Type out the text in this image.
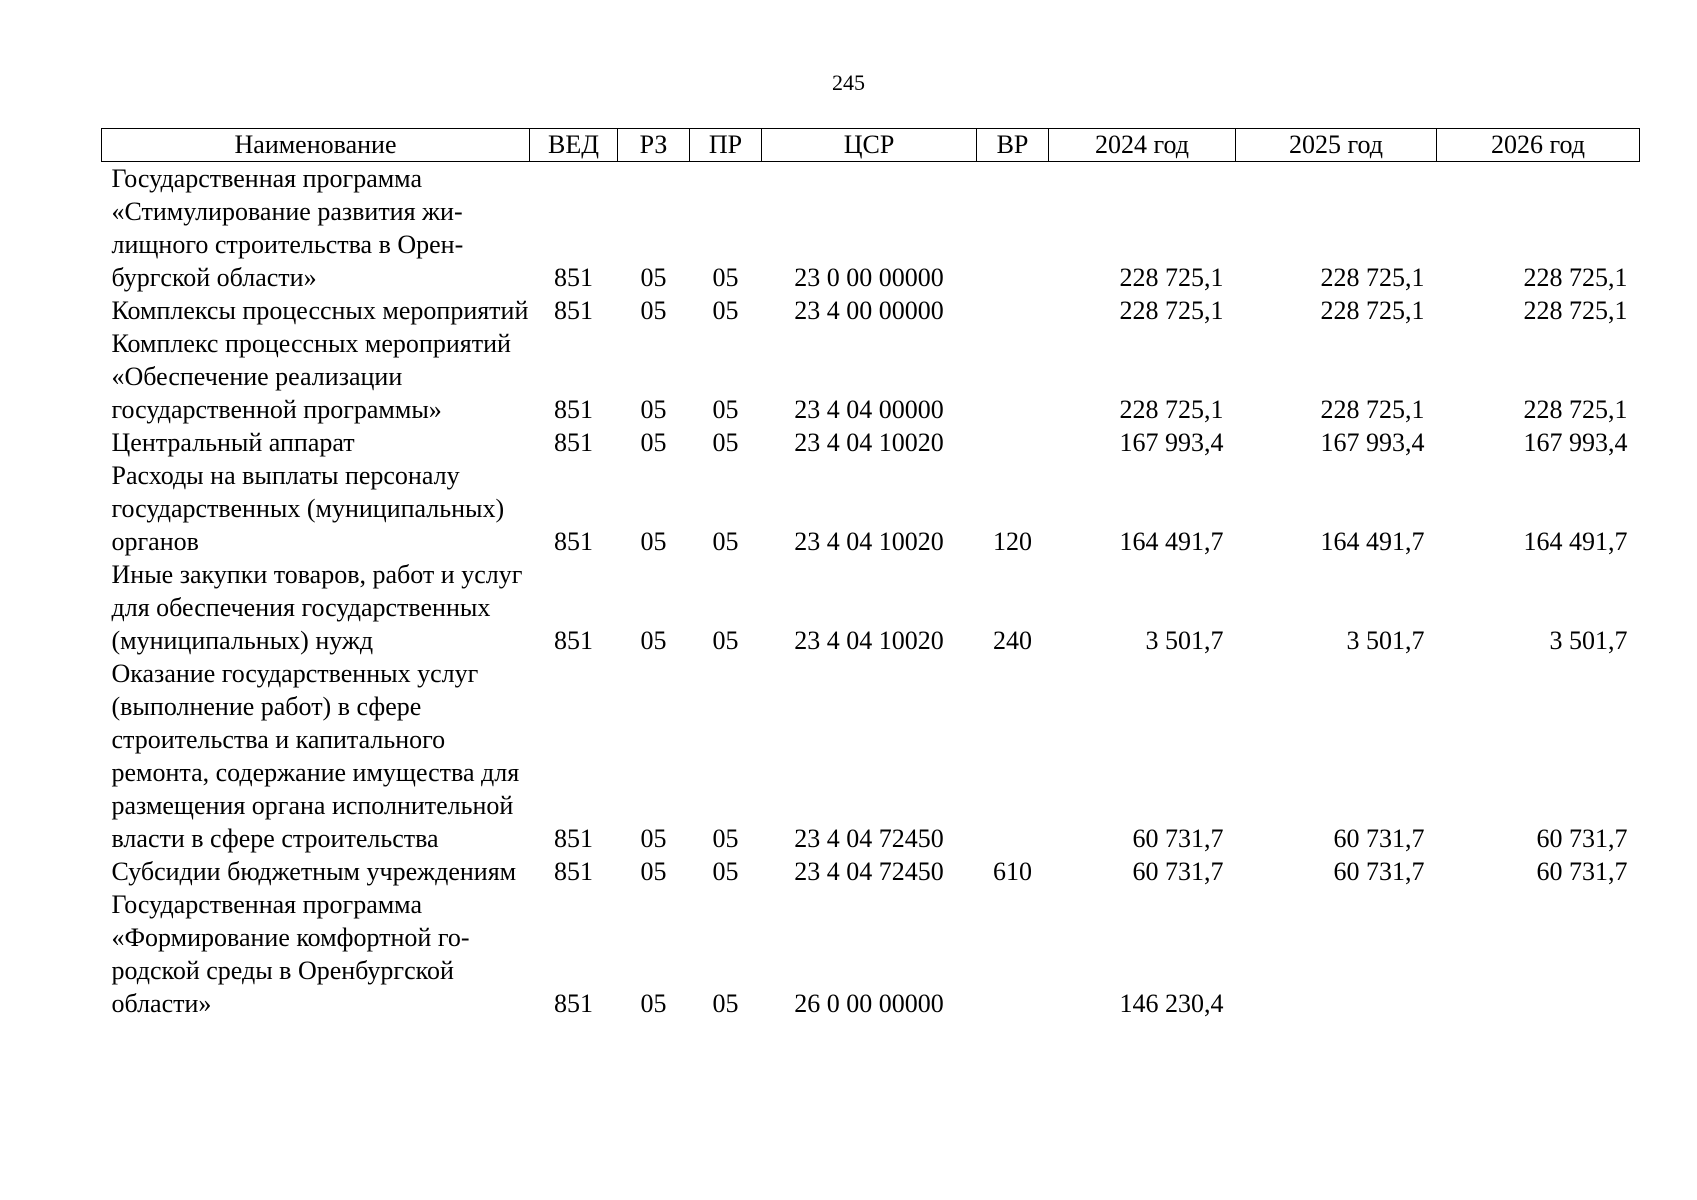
245
Наименование	ВЕД	РЗ	ПР	ЦСР	ВР	2024 год	2025 год	2026 год
Государственная программа «Стимулирование развития жилищного строительства в Оренбургской области»	851	05	05	23 0 00 00000		228 725,1	228 725,1	228 725,1
Комплексы процессных мероприятий	851	05	05	23 4 00 00000		228 725,1	228 725,1	228 725,1
Комплекс процессных мероприятий «Обеспечение реализации государственной программы»	851	05	05	23 4 04 00000		228 725,1	228 725,1	228 725,1
Центральный аппарат	851	05	05	23 4 04 10020		167 993,4	167 993,4	167 993,4
Расходы на выплаты персоналу государственных (муниципальных) органов	851	05	05	23 4 04 10020	120	164 491,7	164 491,7	164 491,7
Иные закупки товаров, работ и услуг для обеспечения государственных (муниципальных) нужд	851	05	05	23 4 04 10020	240	3 501,7	3 501,7	3 501,7
Оказание государственных услуг (выполнение работ) в сфере строительства и капитального ремонта, содержание имущества для размещения органа исполнительной власти в сфере строительства	851	05	05	23 4 04 72450		60 731,7	60 731,7	60 731,7
Субсидии бюджетным учреждениям	851	05	05	23 4 04 72450	610	60 731,7	60 731,7	60 731,7
Государственная программа «Формирование комфортной городской среды в Оренбургской области»	851	05	05	26 0 00 00000		146 230,4		
